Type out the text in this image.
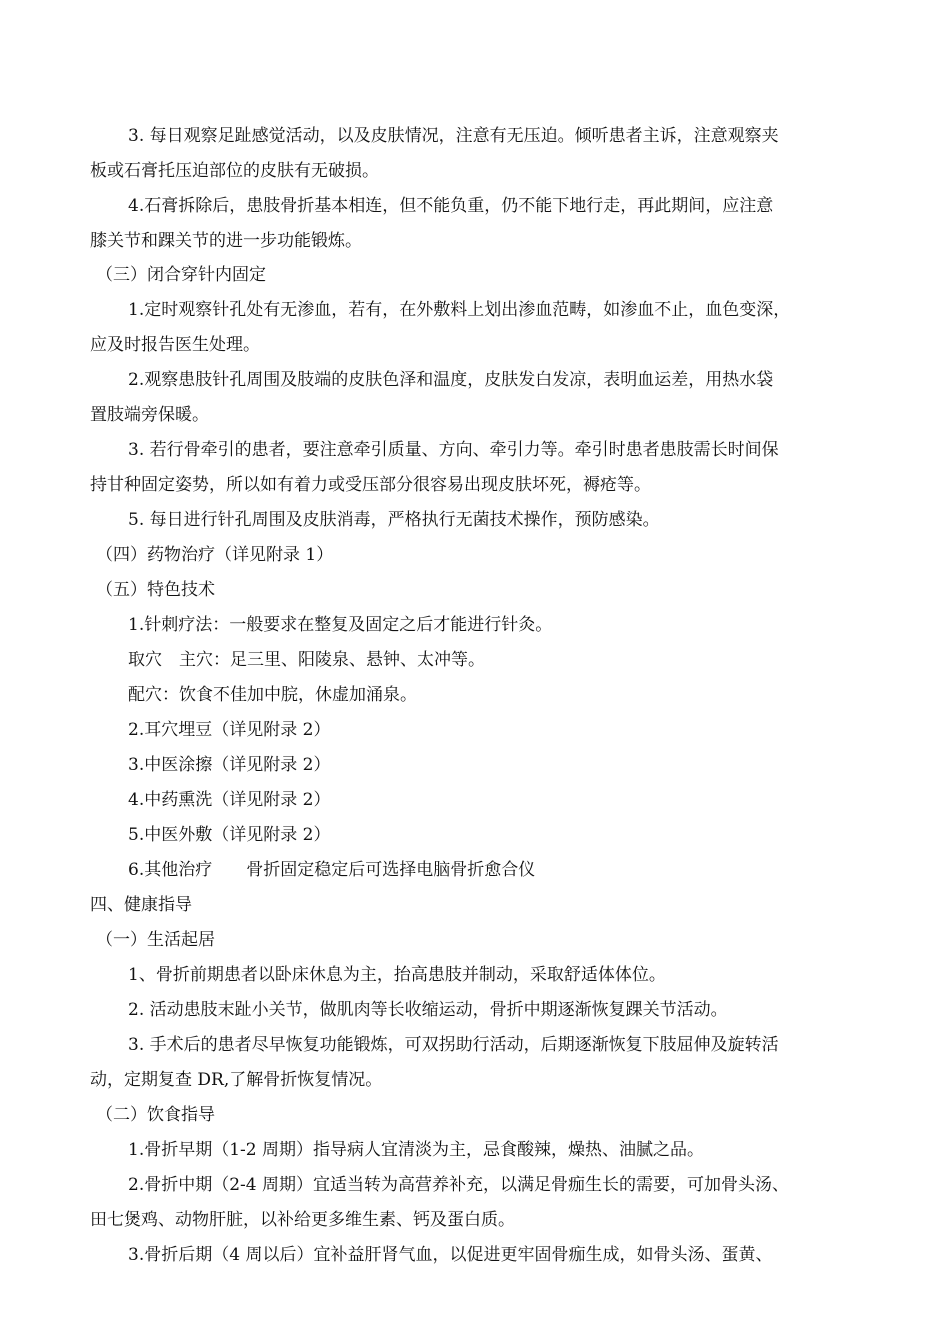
3. 每日观察足趾感觉活动，以及皮肤情况，注意有无压迫。倾听患者主诉，注意观察夹
板或石膏托压迫部位的皮肤有无破损。
4.石膏拆除后，患肢骨折基本相连，但不能负重，仍不能下地行走，再此期间，应注意
膝关节和踝关节的进一步功能锻炼。
（三）闭合穿针内固定
1.定时观察针孔处有无渗血，若有，在外敷料上划出渗血范畴，如渗血不止，血色变深，
应及时报告医生处理。
2.观察患肢针孔周围及肢端的皮肤色泽和温度，皮肤发白发凉，表明血运差，用热水袋
置肢端旁保暖。
3. 若行骨牵引的患者，要注意牵引质量、方向、牵引力等。牵引时患者患肢需长时间保
持甘种固定姿势，所以如有着力或受压部分很容易出现皮肤坏死，褥疮等。
5. 每日进行针孔周围及皮肤消毒，严格执行无菌技术操作，预防感染。
（四）药物治疗（详见附录 1）
（五）特色技术
1.针刺疗法：一般要求在整复及固定之后才能进行针灸。
取穴　主穴：足三里、阳陵泉、悬钟、太冲等。
配穴：饮食不佳加中脘，休虚加涌泉。
2.耳穴埋豆（详见附录 2）
3.中医涂擦（详见附录 2）
4.中药熏洗（详见附录 2）
5.中医外敷（详见附录 2）
6.其他治疗　　骨折固定稳定后可选择电脑骨折愈合仪
四、健康指导
（一）生活起居
1、骨折前期患者以卧床休息为主，抬高患肢并制动，采取舒适体体位。
2. 活动患肢末趾小关节，做肌肉等长收缩运动，骨折中期逐渐恢复踝关节活动。
3. 手术后的患者尽早恢复功能锻炼，可双拐助行活动，后期逐渐恢复下肢屈伸及旋转活
动，定期复查 DR,了解骨折恢复情况。
（二）饮食指导
1.骨折早期（1-2 周期）指导病人宜清淡为主，忌食酸辣，燥热、油腻之品。
2.骨折中期（2-4 周期）宜适当转为高营养补充，以满足骨痂生长的需要，可加骨头汤、
田七煲鸡、动物肝脏，以补给更多维生素、钙及蛋白质。
3.骨折后期（4 周以后）宜补益肝肾气血，以促进更牢固骨痂生成，如骨头汤、蛋黄、
